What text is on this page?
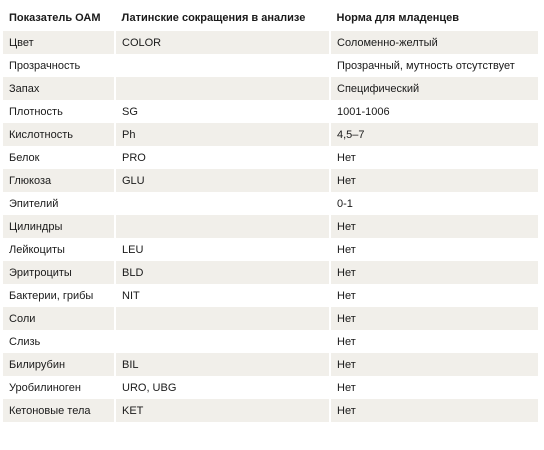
Показатель ОАМ	Латинские сокращения в анализе	Норма для младенцев
Цвет	COLOR	Соломенно-желтый
Прозрачность		Прозрачный, мутность отсутствует
Запах		Специфический
Плотность	SG	1001-1006
Кислотность	Ph	4,5–7
Белок	PRO	Нет
Глюкоза	GLU	Нет
Эпителий		0-1
Цилиндры		Нет
Лейкоциты	LEU	Нет
Эритроциты	BLD	Нет
Бактерии, грибы	NIT	Нет
Соли		Нет
Слизь		Нет
Билирубин	BIL	Нет
Уробилиноген	URO, UBG	Нет
Кетоновые тела	KET	Нет
